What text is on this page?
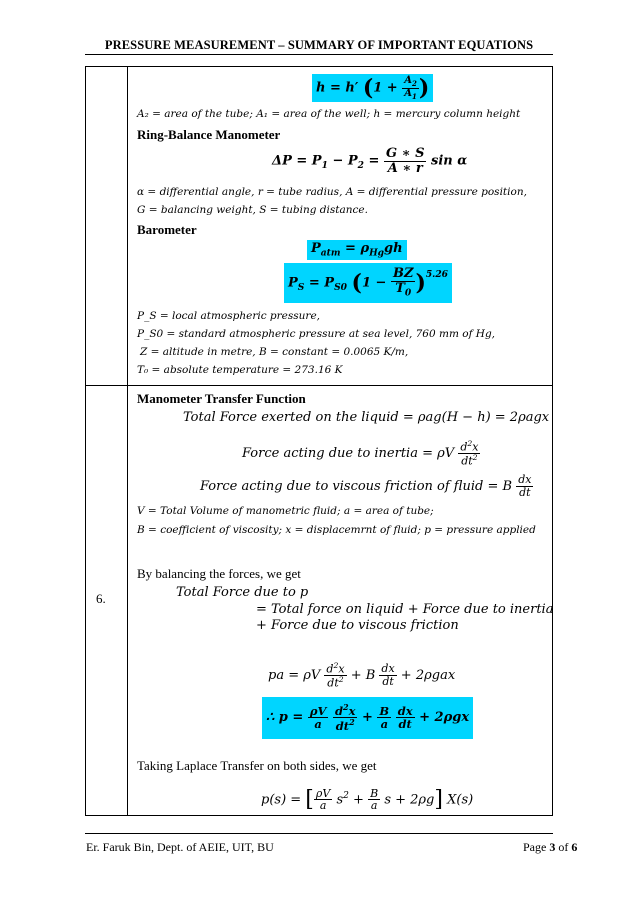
PRESSURE MEASUREMENT – SUMMARY OF IMPORTANT EQUATIONS
6.
h = h′ ($1 + \frac{A_2}{A_1}$ )
A₂ = area of the tube; A₁ = area of the well; h = mercury column height
Ring-Balance Manometer
$\Delta P = P_1 - P_2 = \frac{G ∗ S}{A ∗ r}$ sin α
α = differential angle, r = tube radius, A = differential pressure position,
G = balancing weight, S = tubing distance.
Barometer
$P_{atm} = \rho_{Hg}gh$
$P_S = P_{S0}$ $(1 - \frac{BZ}{T_0} )^{5.26}$
P_S = local atmospheric pressure,
P_S0 = standard atmospheric pressure at sea level, 760 mm of Hg,
Z = altitude in metre, B = constant = 0.0065 K/m,
T₀ = absolute temperature = 273.16 K
Manometer Transfer Function
Total Force exerted on the liquid = ρag(H − h) = 2ρagx
Force acting due to inertia = ρV $\frac{d^2x}{dt^2}$
Force acting due to viscous friction of fluid = B $\frac{dx}{dt}$
V = Total Volume of manometric fluid; a = area of tube;
B = coefficient of viscosity; x = displacemrnt of fluid; p = pressure applied
By balancing the forces, we get
Total Force due to p
= Total force on liquid + Force due to inertia
+ Force due to viscous friction
pa = ρV $\frac{d^2x}{dt^2} + B \frac{dx}{dt} + 2\rho gax$
∴ $p = \frac{\rho V}{a}$
$\frac{d^2x}{dt^2} + \frac{B}{a}$
$\frac{dx}{dt} + 2\rho gx$
Taking Laplace Transfer on both sides, we get
p(s) = [ $\frac{\rho V}{a} s^2 + \frac{B}{a}$ s + 2ρg] X(s)
Er. Faruk Bin, Dept. of AEIE, UIT, BU	Page 3 of 6
